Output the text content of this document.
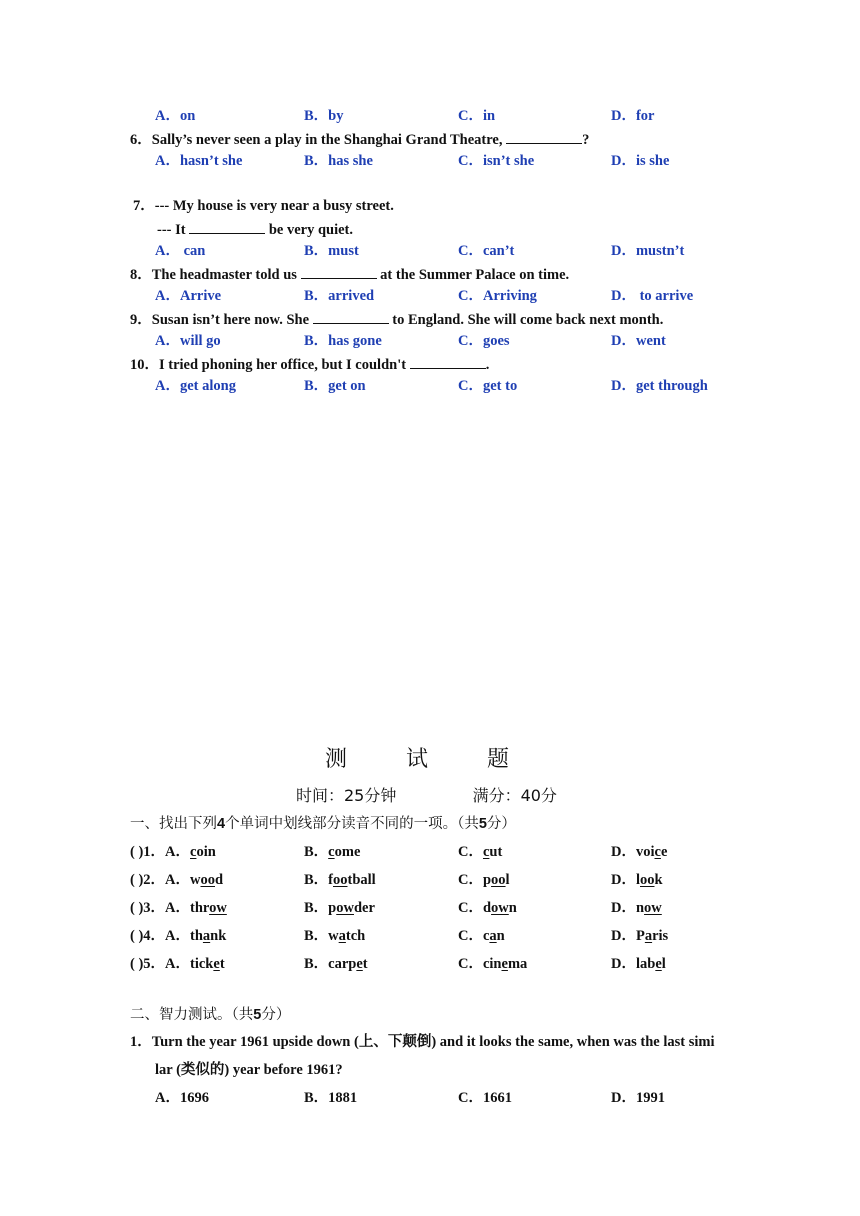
A．on	B．by	C．in	D．for
6．Sally’s never seen a play in the Shanghai Grand Theatre,	?
A．hasn’t she	B．has she	C．isn’t she	D．is she
7．--- My house is very near a busy street.
--- It	be very quiet.
A． can	B．must	C．can’t	D．mustn’t
8．The headmaster told us	at the Summer Palace on time.
A．Arrive	B．arrived	C．Arriving	D． to arrive
9．Susan isn’t here now. She	to England. She will come back next month.
A．will go	B．has gone	C．goes	D．went
10．I tried phoning her office, but I couldn't	.
A．get along	B．get on	C．get to	D．get through
测 试 题
时间：25分钟	满分：40分
一、找出下列4个单词中划线部分读音不同的一项。（共5分）
( )1．A．coin	B．come	C．cut	D．voice
( )2．A．wood	B．football	C．pool	D．look
( )3．A．throw	B．powder	C．down	D．now
( )4．A．thank	B．watch	C．can	D．Paris
( )5．A．ticket	B．carpet	C．cinema	D．label
二、智力测试。（共5分）
1．Turn the year 1961 upside down (上、下颠倒) and it looks the same, when was the last simi
lar (类似的) year before 1961?
A．1696	B．1881	C．1661	D．1991
